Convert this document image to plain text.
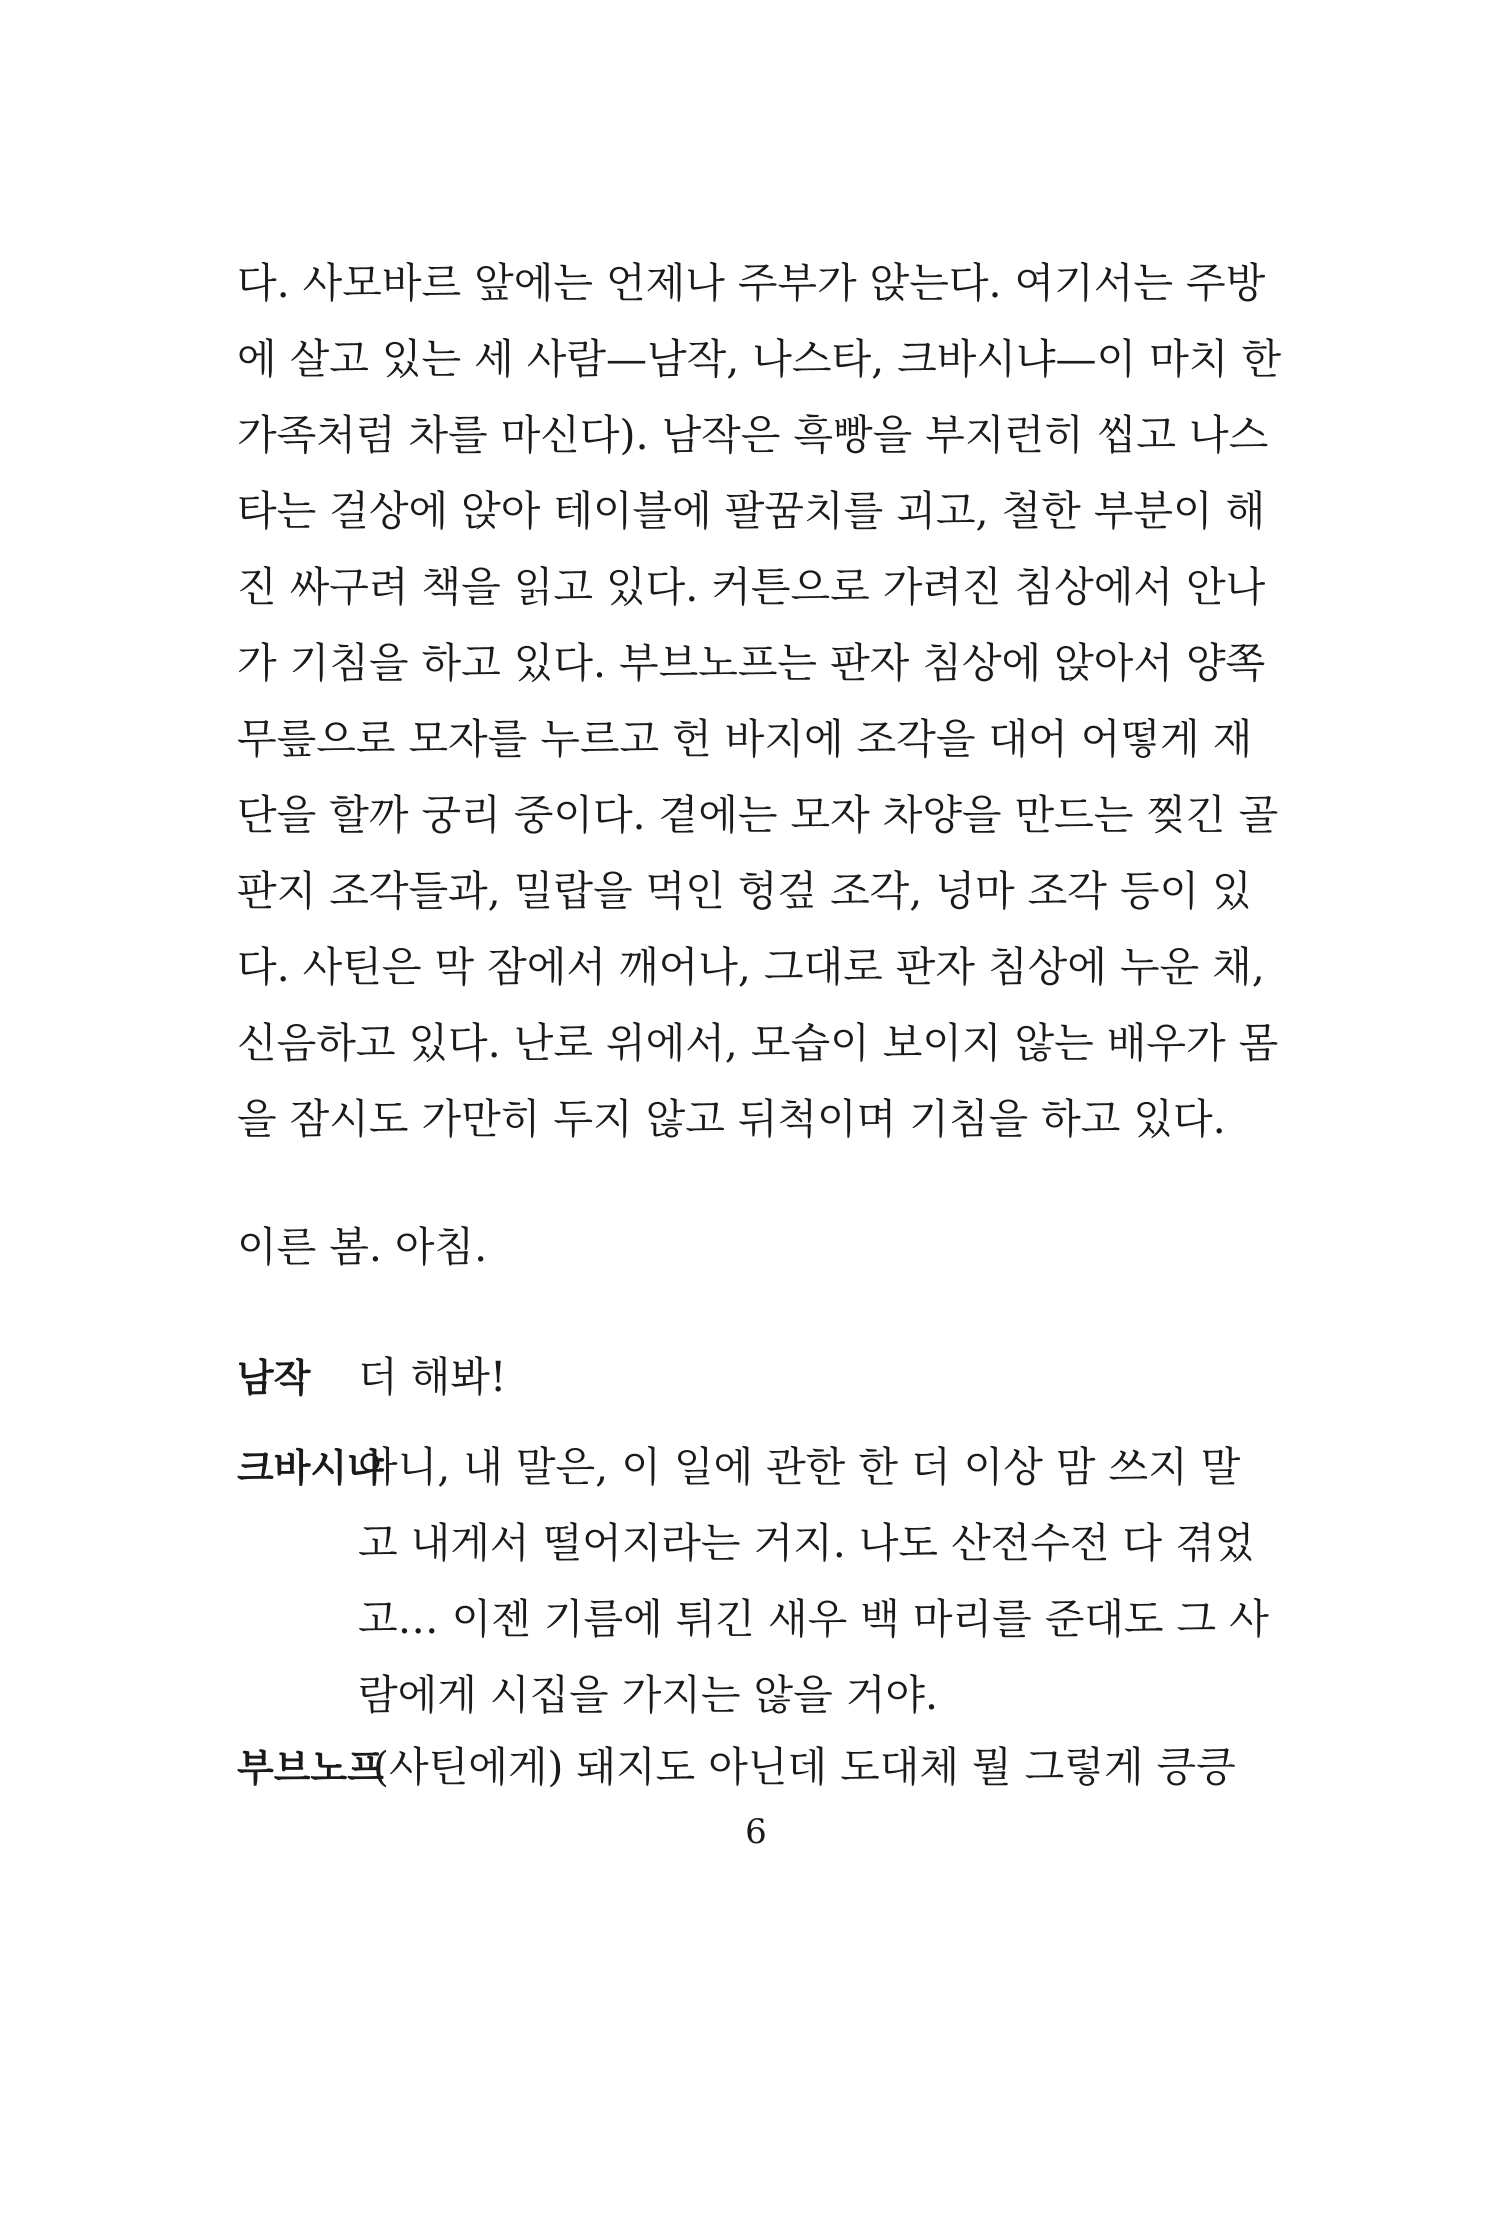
다. 사모바르 앞에는 언제나 주부가 앉는다. 여기서는 주방
에 살고 있는 세 사람—남작, 나스타, 크바시냐—이 마치 한
가족처럼 차를 마신다). 남작은 흑빵을 부지런히 씹고 나스
타는 걸상에 앉아 테이블에 팔꿈치를 괴고, 철한 부분이 해
진 싸구려 책을 읽고 있다. 커튼으로 가려진 침상에서 안나
가 기침을 하고 있다. 부브노프는 판자 침상에 앉아서 양쪽
무릎으로 모자를 누르고 헌 바지에 조각을 대어 어떻게 재
단을 할까 궁리 중이다. 곁에는 모자 차양을 만드는 찢긴 골
판지 조각들과, 밀랍을 먹인 헝겊 조각, 넝마 조각 등이 있
다. 사틴은 막 잠에서 깨어나, 그대로 판자 침상에 누운 채,
신음하고 있다. 난로 위에서, 모습이 보이지 않는 배우가 몸
을 잠시도 가만히 두지 않고 뒤척이며 기침을 하고 있다.
이른 봄. 아침.
남작 더 해봐!
크바시냐아니, 내 말은, 이 일에 관한 한 더 이상 맘 쓰지 말
고 내게서 떨어지라는 거지. 나도 산전수전 다 겪었
고… 이젠 기름에 튀긴 새우 백 마리를 준대도 그 사
람에게 시집을 가지는 않을 거야.
부브노프(사틴에게) 돼지도 아닌데 도대체 뭘 그렇게 킁킁
6
